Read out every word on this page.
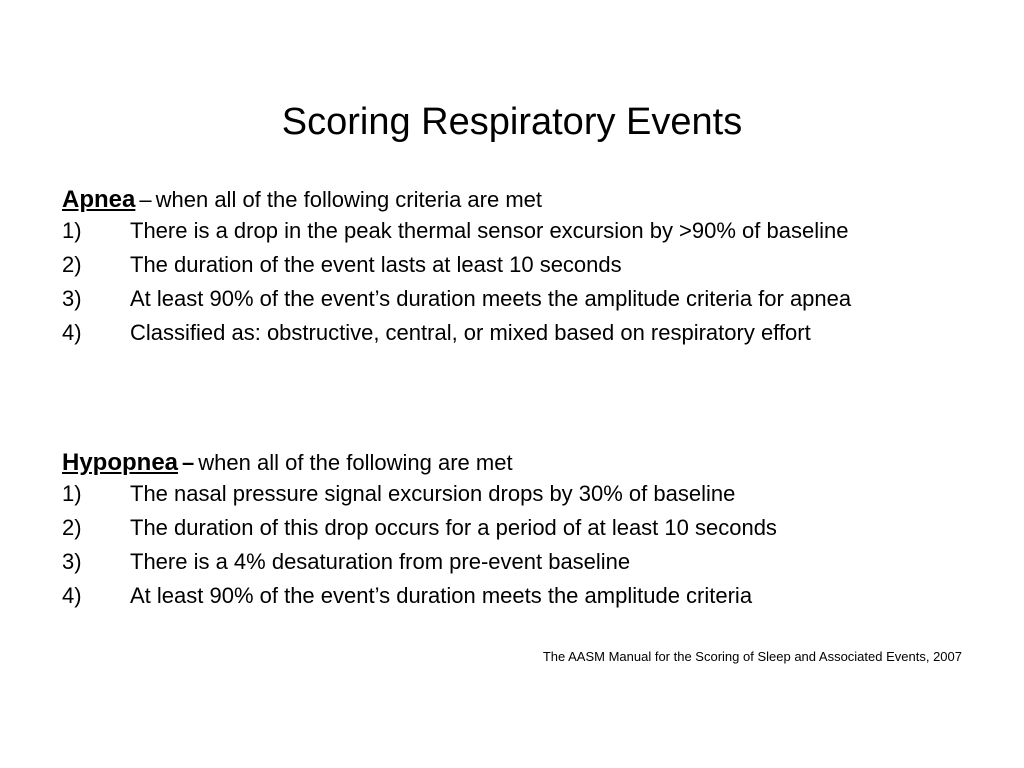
Scoring Respiratory Events

Apnea – when all of the following criteria are met

1)	There is a drop in the peak thermal sensor excursion by >90% of baseline
2)	The duration of the event lasts at least 10 seconds
3)	At least 90% of the event’s duration meets the amplitude criteria for apnea
4)	Classified as: obstructive, central, or mixed based on respiratory effort

Hypopnea – when all of the following are met

1)	The nasal pressure signal excursion drops by 30% of baseline
2)	The duration of this drop occurs for a period of at least 10 seconds
3)	There is a 4% desaturation from pre-event baseline
4)	At least 90% of the event’s duration meets the amplitude criteria
The AASM Manual for the Scoring of Sleep and Associated Events, 2007
